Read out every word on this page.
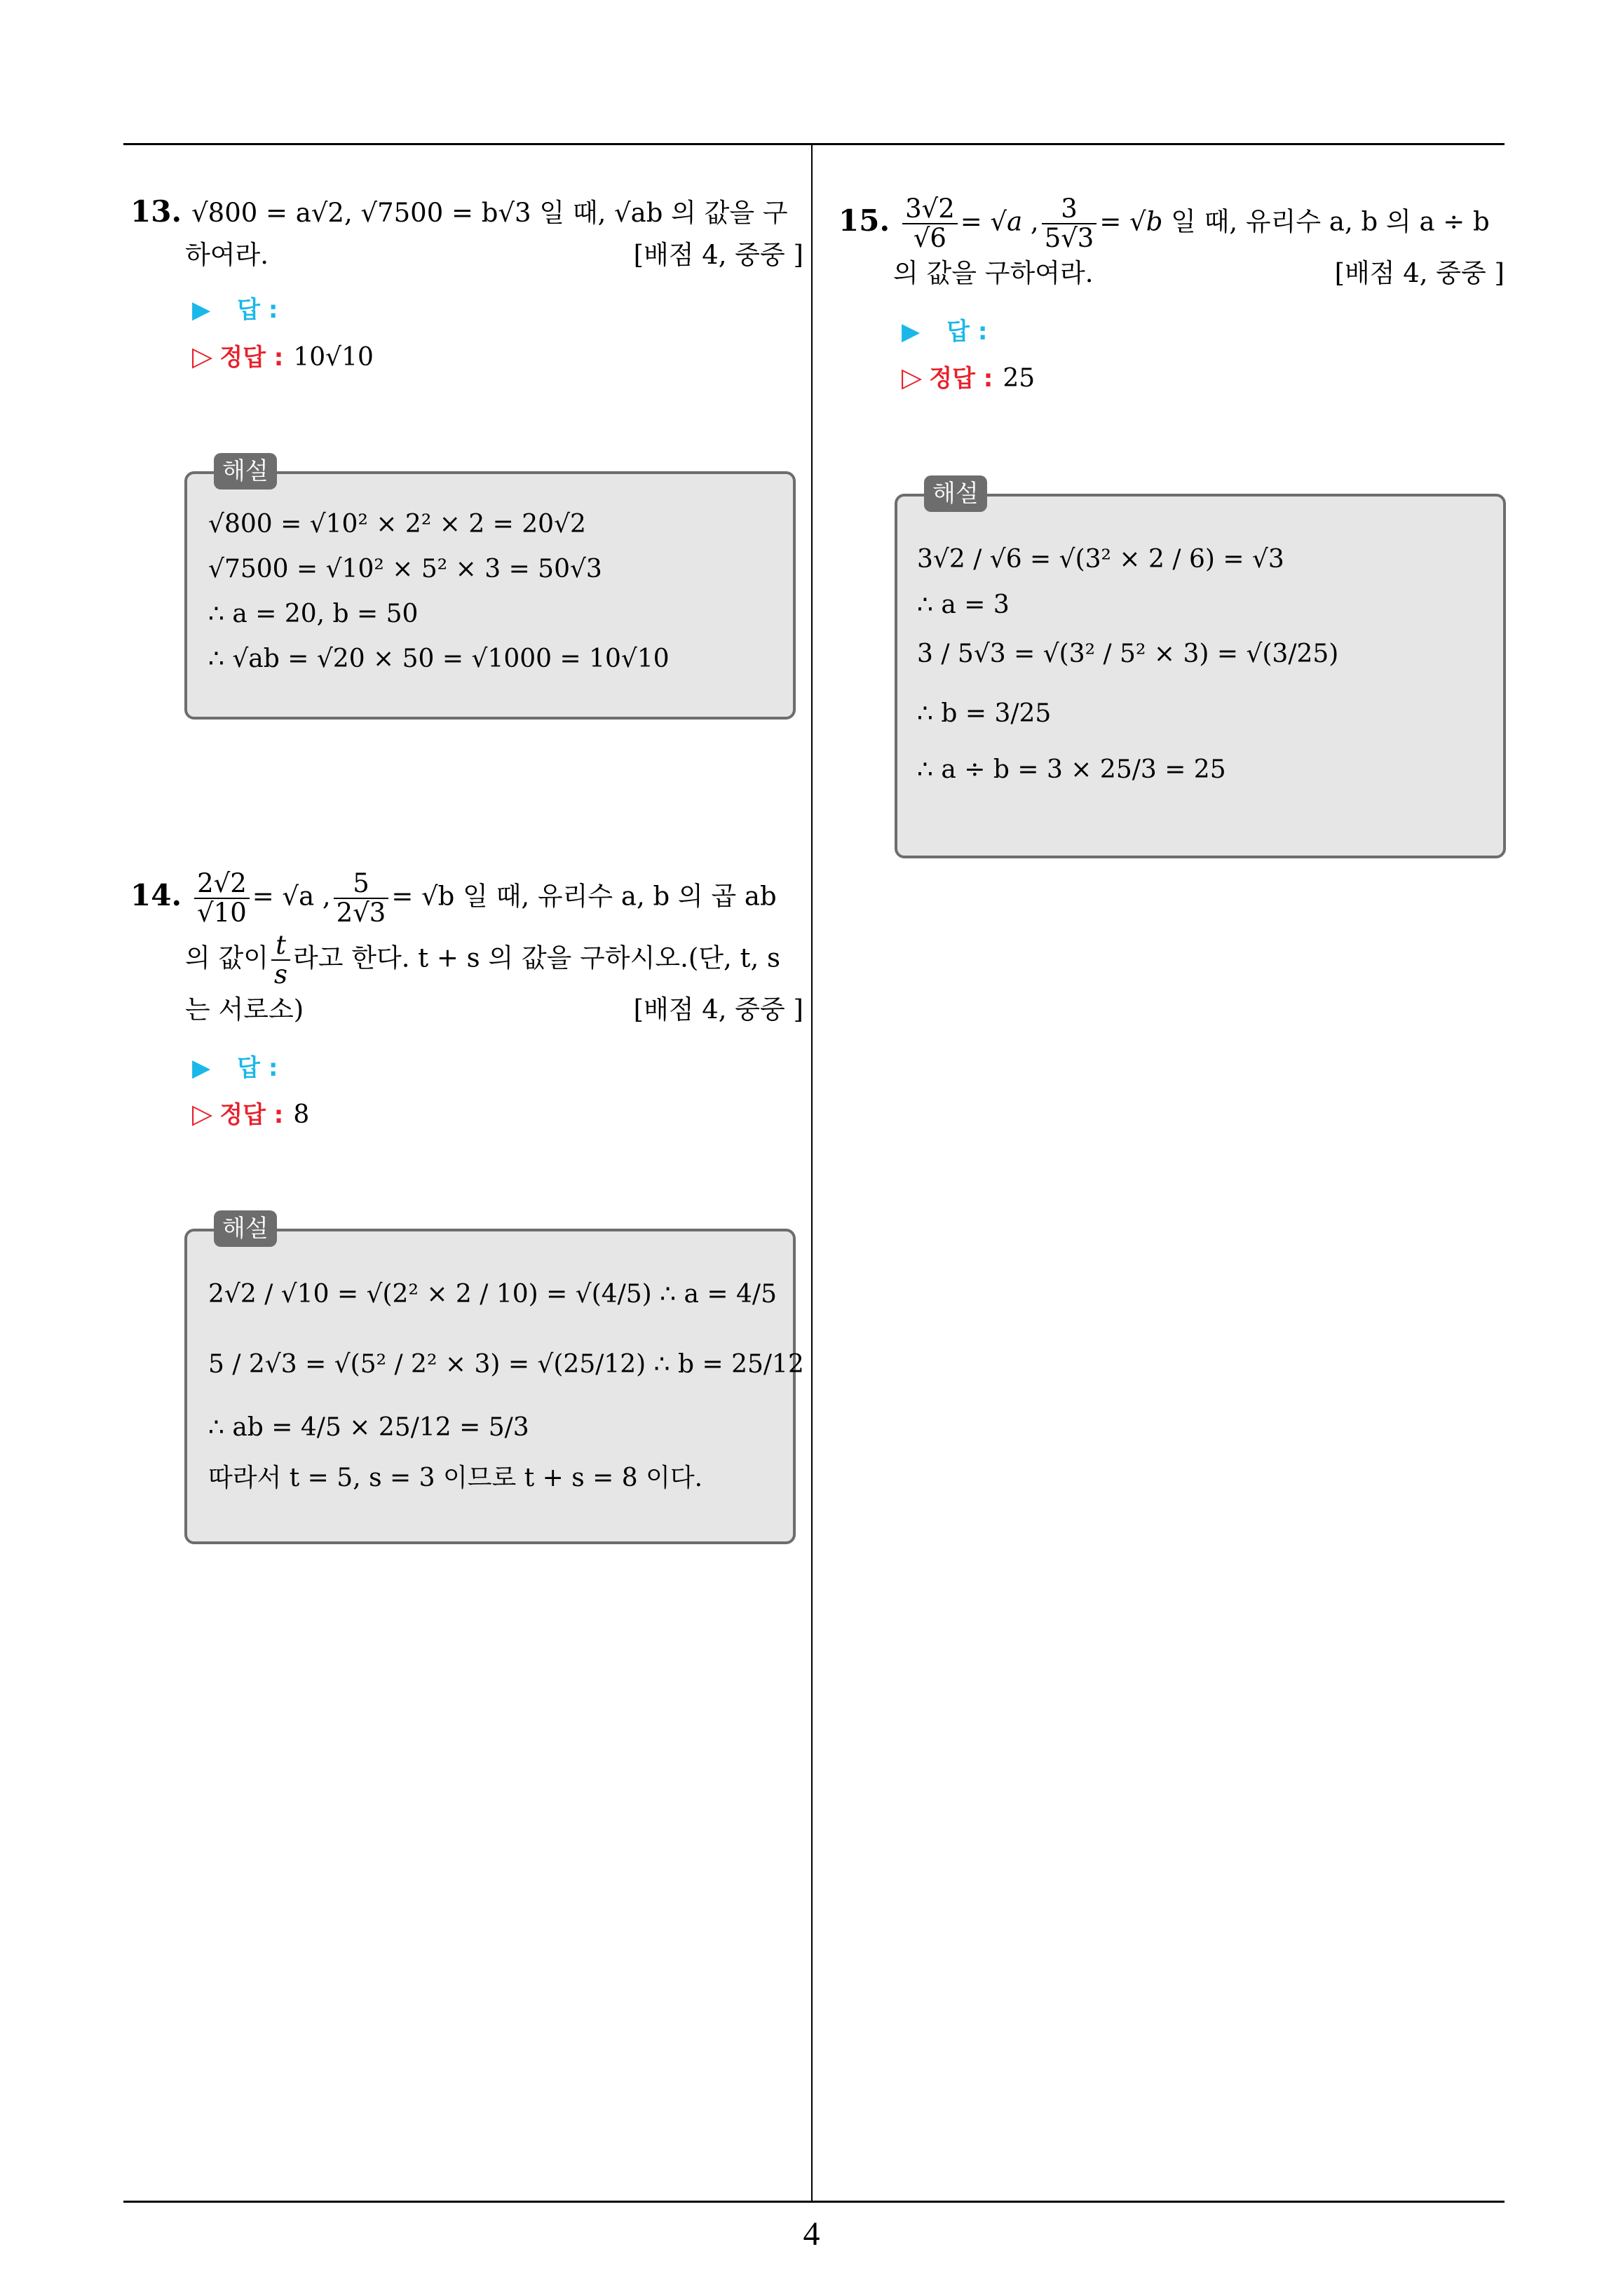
13. √800 = a√2, √7500 = b√3 일 때, √ab 의 값을 구
하여라.	[배점 4, 중중 ]
▶ 답 :
▷ 정답 : 10√10
해설
√800 = √10² × 2² × 2 = 20√2
√7500 = √10² × 5² × 3 = 50√3
∴ a = 20, b = 50
∴ √ab = √20 × 50 = √1000 = 10√10
14. $\frac{2√2}{√10} = √a$ , $\frac{5}{2√3} = √b$ 일 때, 유리수 a, b 의 곱 ab
의 값이 $\frac{t}{s}$ 라고 한다. t + s 의 값을 구하시오.(단, t, s
는 서로소)	[배점 4, 중중 ]
▶ 답 :
▷ 정답 : 8
해설
2√2 / √10 = √(2² × 2 / 10) = √(4/5) ∴ a = 4/5
5 / 2√3 = √(5² / 2² × 3) = √(25/12) ∴ b = 25/12
∴ ab = 4/5 × 25/12 = 5/3
따라서 t = 5, s = 3 이므로 t + s = 8 이다.
15. $\frac{3√2}{√6} = √a$ , $\frac{3}{5√3} = √b$ 일 때, 유리수 a, b 의 a ÷ b
의 값을 구하여라.	[배점 4, 중중 ]
▶ 답 :
▷ 정답 : 25
해설
3√2 / √6 = √(3² × 2 / 6) = √3
∴ a = 3
3 / 5√3 = √(3² / 5² × 3) = √(3/25)
∴ b = 3/25
∴ a ÷ b = 3 × 25/3 = 25
4
